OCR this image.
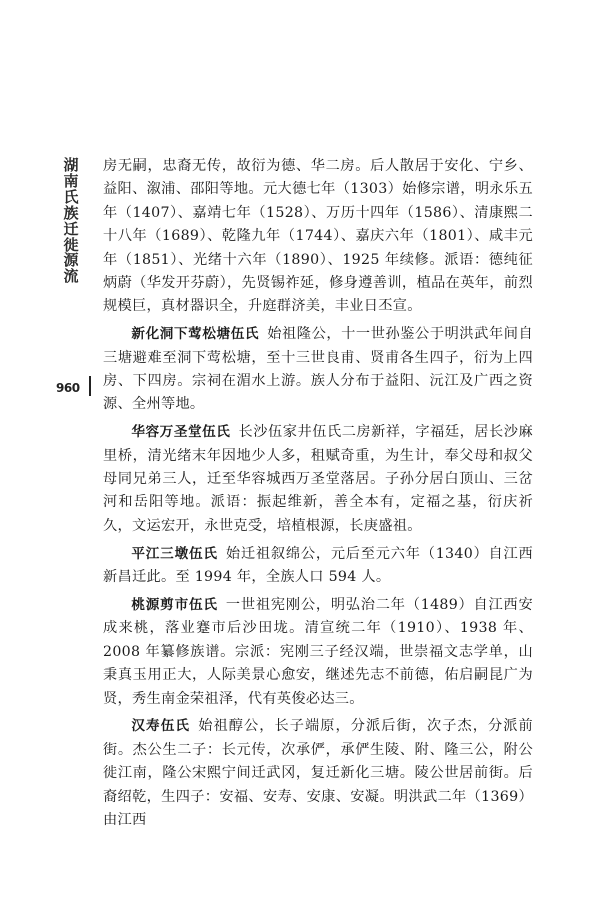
湖南氏族迁徙源流
960

房无嗣，忠裔无传，故衍为德、华二房。后人散居于安化、宁乡、益阳、溆浦、邵阳等地。元大德七年（1303）始修宗谱，明永乐五年（1407）、嘉靖七年（1528）、万历十四年（1586）、清康熙二十八年（1689）、乾隆九年（1744）、嘉庆六年（1801）、咸丰元年（1851）、光绪十六年（1890）、1925 年续修。派语：德纯征炳蔚（华发开芬蔚），先贤锡祚延，修身遵善训，植品在英年，前烈规模巨，真材器识全，升庭群济美，丰业日丕宣。

新化洞下莺松塘伍氏 始祖隆公，十一世孙鉴公于明洪武年间自三塘避难至洞下莺松塘，至十三世良甫、贤甫各生四子，衍为上四房、下四房。宗祠在湄水上游。族人分布于益阳、沅江及广西之资源、全州等地。

华容万圣堂伍氏 长沙伍家井伍氏二房新祥，字福廷，居长沙麻里桥，清光绪末年因地少人多，租赋奇重，为生计，奉父母和叔父母同兄弟三人，迁至华容城西万圣堂落居。子孙分居白顶山、三岔河和岳阳等地。派语：振起维新，善全本有，定福之基，衍庆祈久，文运宏开，永世克受，培植根源，长庚盛祖。

平江三墩伍氏 始迁祖叙绵公，元后至元六年（1340）自江西新昌迁此。至 1994 年，全族人口 594 人。

桃源剪市伍氏 一世祖宪刚公，明弘治二年（1489）自江西安成来桃，落业蹇市后沙田垅。清宣统二年（1910）、1938 年、2008 年纂修族谱。宗派：宪刚三子经汉端，世崇福文志学单，山秉真玉用正大，人际美景心愈安，继述先志不前德，佑启嗣昆广为贤，秀生南金荣祖泽，代有英俊必达三。

汉寿伍氏 始祖醇公，长子端原，分派后街，次子杰，分派前街。杰公生二子：长元传，次承俨，承俨生陵、附、隆三公，附公徙江南，隆公宋熙宁间迁武冈，复迁新化三塘。陵公世居前街。后裔绍乾，生四子：安福、安寿、安康、安凝。明洪武二年（1369）由江西
